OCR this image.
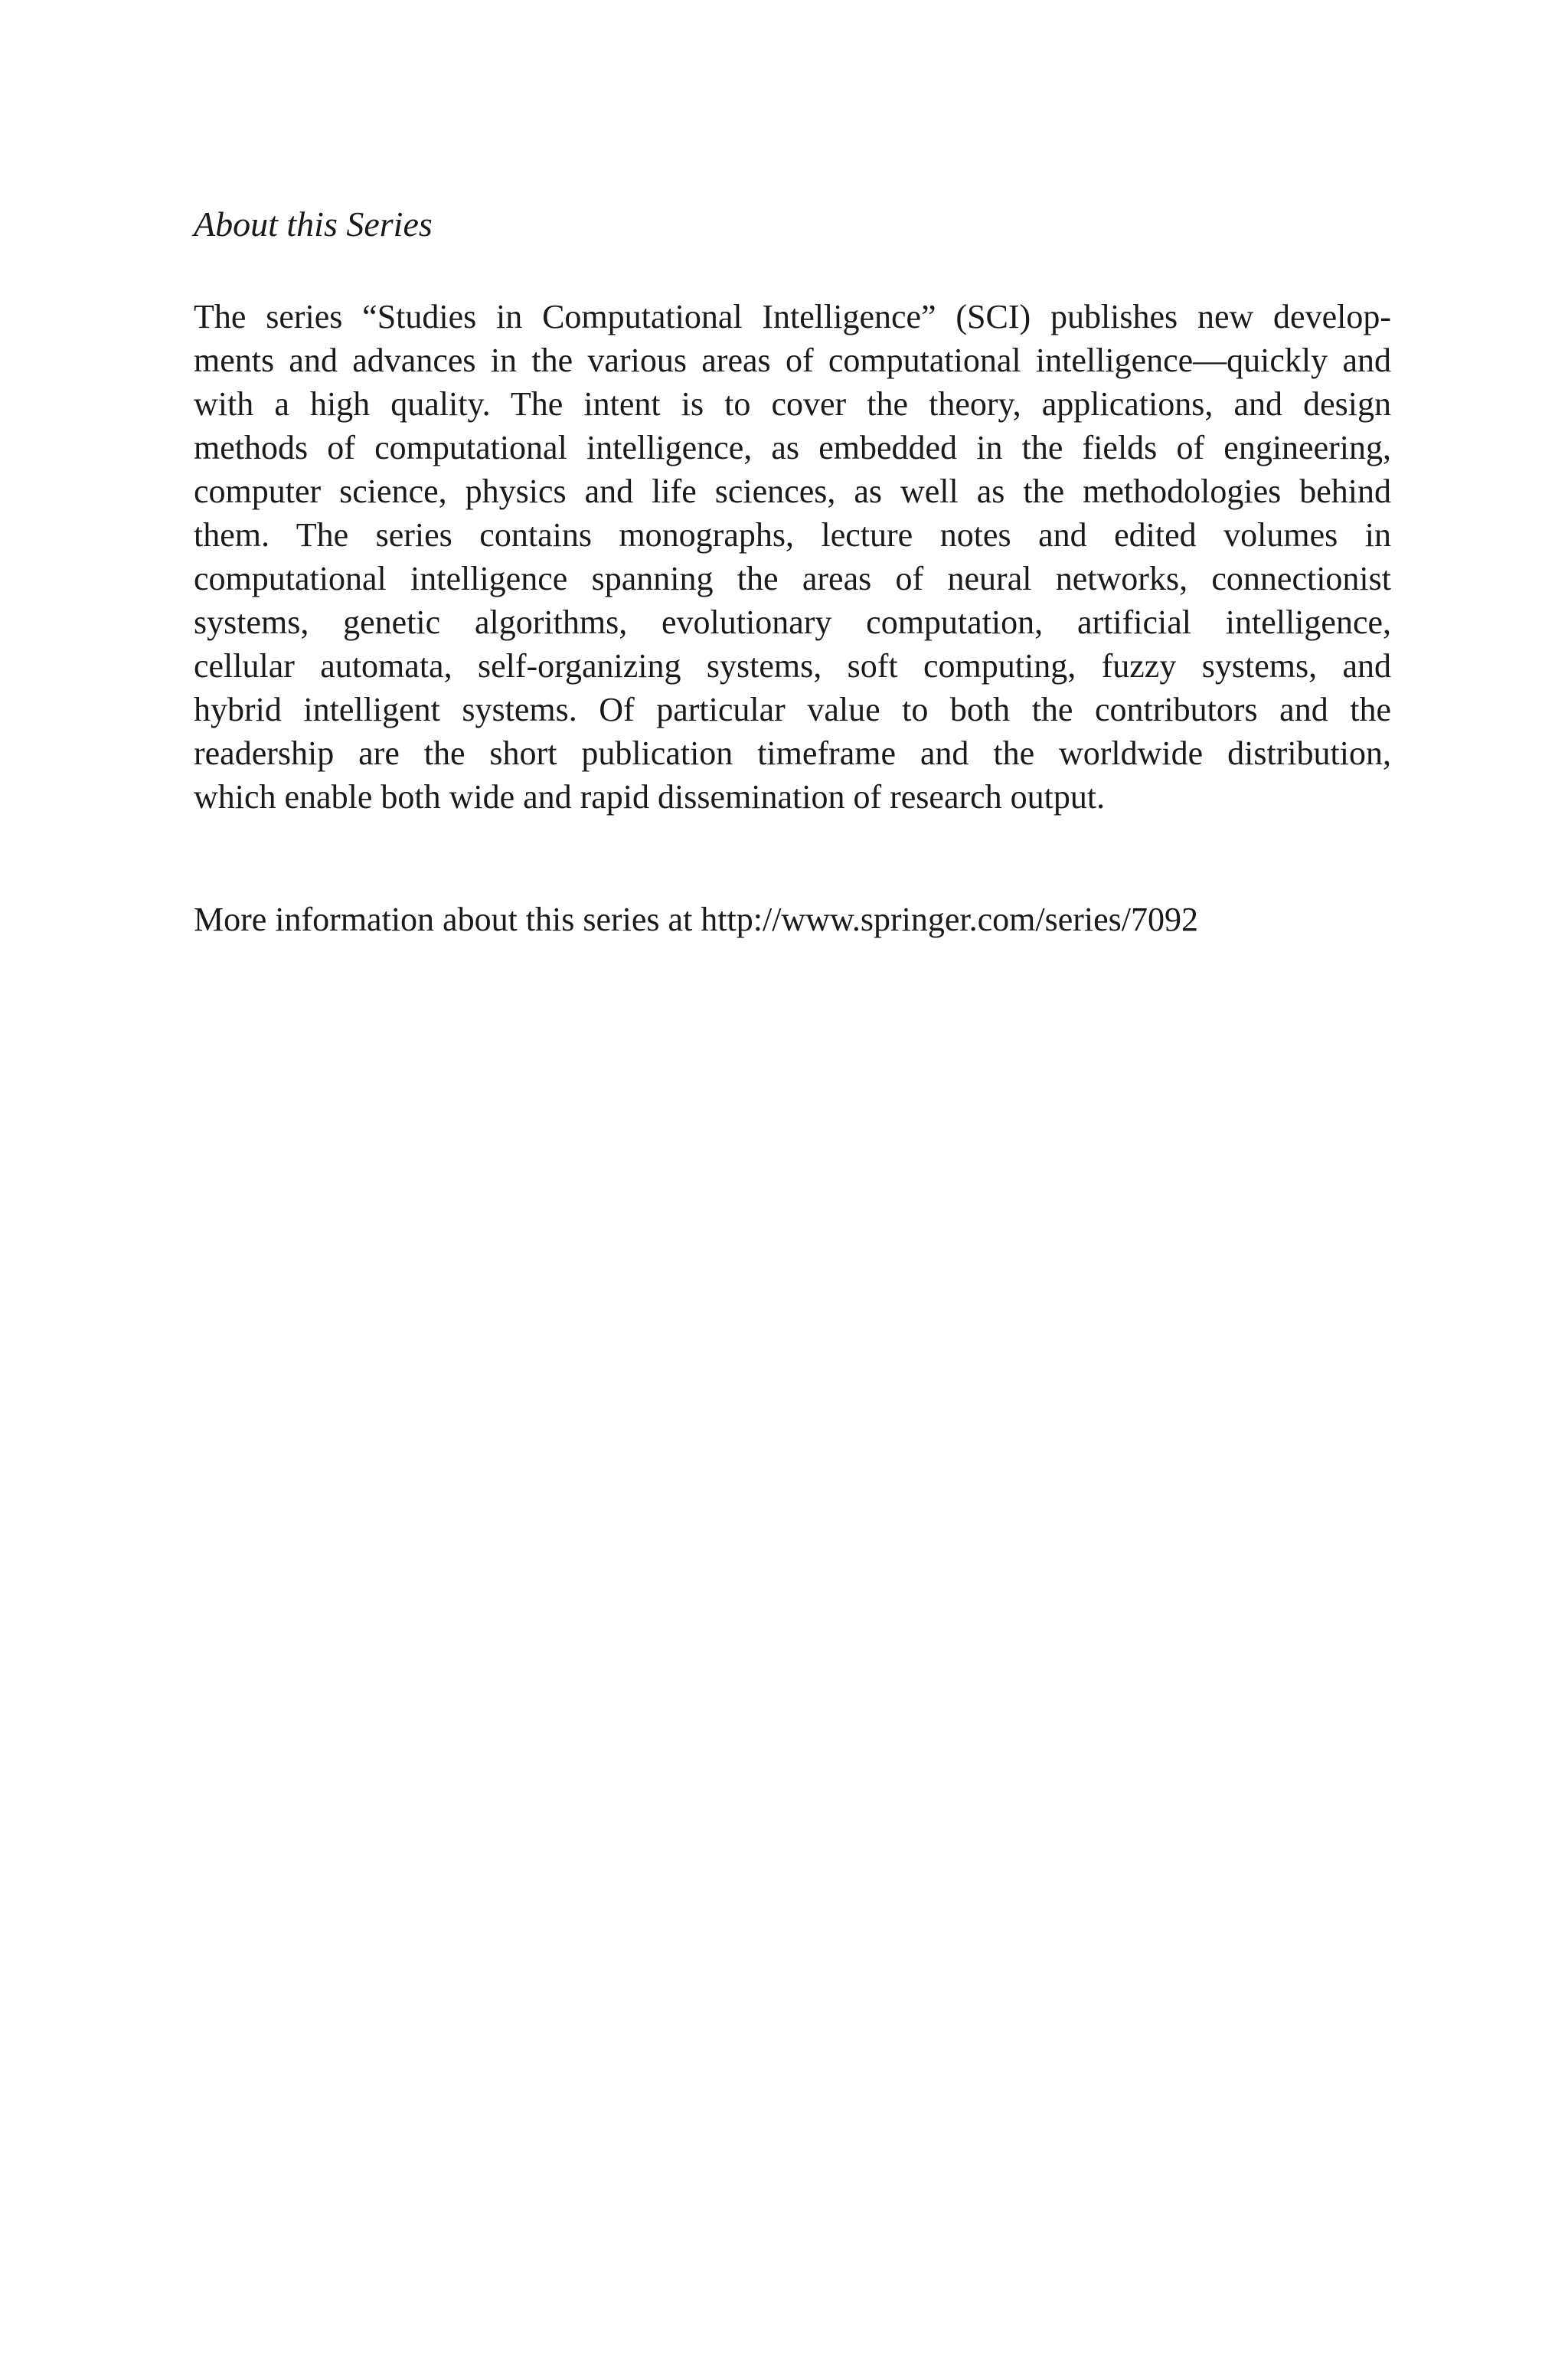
About this Series
The series “Studies in Computational Intelligence” (SCI) publishes new develop-
ments and advances in the various areas of computational intelligence—quickly and
with a high quality. The intent is to cover the theory, applications, and design
methods of computational intelligence, as embedded in the fields of engineering,
computer science, physics and life sciences, as well as the methodologies behind
them. The series contains monographs, lecture notes and edited volumes in
computational intelligence spanning the areas of neural networks, connectionist
systems, genetic algorithms, evolutionary computation, artificial intelligence,
cellular automata, self-organizing systems, soft computing, fuzzy systems, and
hybrid intelligent systems. Of particular value to both the contributors and the
readership are the short publication timeframe and the worldwide distribution,
which enable both wide and rapid dissemination of research output.

More information about this series at http://www.springer.com/series/7092
